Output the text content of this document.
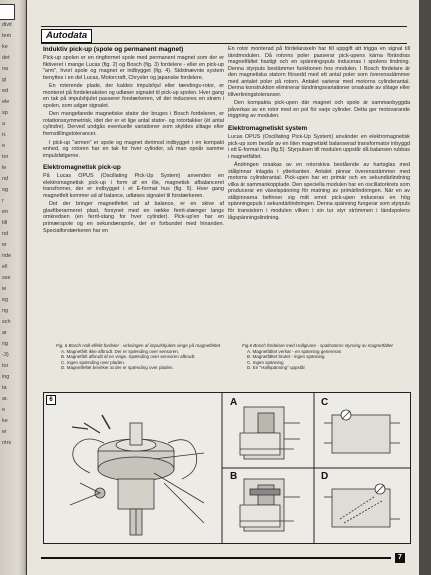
divit
tem
ke
det
na
gi
ed
ele
sp
a
ri.
e
tor
le
nd
og
r
en
till
nd
er
nde
ell
sse
ie
eg
ng
sch
ar
ng
-3)
tor
ing
ta
ar.
e
ke
er
ntrs
Autodata
Induktiv pick-up (spole og permanent magnet)

Pick-up spolen er en ringformet spole med permanent magnet som der er fiktiveret i mange Lucas (fig. 2) og Bosch (fig. 3) fordelere - eller en pick-up "arm", hvori spole og magnet er indbygget (fig. 4). Sidstnævnte system benyttes i en del Lucas, Motorcraft, Chrysler og japanske fordelere.

En roterende plade, der kaldes impulshjul eller tændings-rotor, er monteret på fordelerakslen og udløser signalet til pick-up spolen. Hver gang en tak på impulshjulet passerer forstærkeren, vil der induceres en strøm i spolen, som udgør signalet.

Den mangefarede magnetiske stator der bruges i Bosch fordeleren, er rotationssymmetrisk, idet der er et lige antal stator- og rotortakker (ét antal cylindre). Derved undgås eventuelle variationer som skyldes slitage eller fremstillingstolerancer.

I pick-up "armen" er spole og magnet derimod indbygget i en kompakt enhed, og rotoren har en tak for hver cylinder, så man opnår samme impulsfølgerne.

Elektromagnetisk pick-up

På Lucas OPUS (Oscillating Pick-Up System) anvendes en elektromagnetisk pick-up i form af en ille, magnetisk afbalanceret transformer, der er indbygget i et E-format hus (fig. 5). Hver gang magnetfelt kommer ud af balance, udløses signalet til forstærkeren.

Det der bringer magnetfeltet ud af balance, er en skive af glasfiberarmeret plast, forsynet med en række ferrit-stænger langs omkredsen (en ferrit-stang for hver cylinder). Pick-up'en har en primærspole og en sekundærspole, der er forbundet med hinanden. Specialforstærkeren har en

En rotor monterad på fördelaraxeln har till uppgift att trigga en signal till tändmodulen. Då rotorns poler passerar pick-upens kärna förändras magnetfältet hastigt och en spänningspuls induceras i spolens lindning. Denna styrpuls bestämmer funktionen hos modulen. I Bosch fördelare är den magnetiska statorn försedd med ett antal poler som överensstämmer med antalet poler på rotorn. Antalet varierar med motorns cylinderantal. Denna konstruktion eliminerar tändningsvariationer orsakade av slitage eller tillverkningstoleranser.

Den kompakta pick-upen där magnet och spole är sammanbyggda påverkas av en rotor med en pol för varje cylinder. Detta ger motsvarande triggning av modulen.

Elektromagnetiskt system

Lucas OPUS (Oscillating Pick-Up System) använder en elektromagnetisk pick-up som består av en liten magnetiskt balanserad transformator inbyggd i ett E-format hus (fig.5). Styrpulsen till modulen uppstår då balansen rubbas i magnetfältet.

Ändringen orsakas av en rotorskiva bestående av hartsglas med stålpinnar inlagda i ytterkanten. Antalet pinnar överensstämmer med motorns cylinderantal. Pick-upen har en primär och en sekundärlindning vilka är sammankopplade. Den speciella modulen har en oscillatorkrets som producerar en växelspänning för matning av primärlindningen. När en av stålpinnarna befinner sig mitt emot pick-upen induceras en hög spänningspuls i sekundärlindningen. Denna spänning fungerar som styrpuls för transistorn i modulen vilken i sin tur styr strömmen i tändspolens lågspänningslindning.

Fig. 6 Bosch Hall-effekt fordeler - virkningen af impulshjulets vinge på magnetfeltet
A. Magnetfelt ikke afbrudt. Der er spænding over sensoren.
B. Magnetfelt afbrudt af en vinge. Spænding over sensoren afbrudt.
C. Ingen spænding over pladen.
D. Magnetfeltet bevirker at der er spænding over pladen.
Fig.6 Bosch fördelare med Hallgivare - spaltrotorns styrning av magnetfältet
A. Magnetfältet verkar - en spänning genereras
B. Magnetfältet brutet - ingen spänning
C. Ingen spänning
D. En "Hallspänning" uppstår
6	A
B
C
D
7
